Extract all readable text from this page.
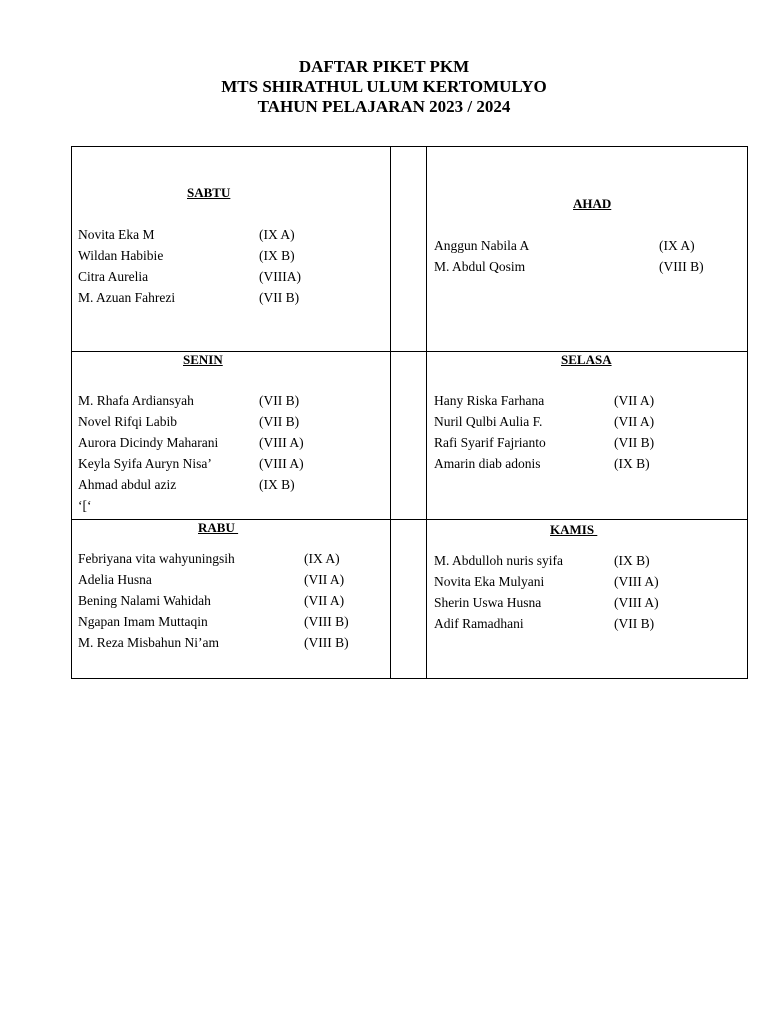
DAFTAR PIKET PKM
MTS SHIRATHUL ULUM KERTOMULYO
TAHUN PELAJARAN 2023 / 2024
SABTU
Novita Eka M	(IX A)
Wildan Habibie	(IX B)
Citra Aurelia	(VIIIA)
M. Azuan Fahrezi	(VII B)
AHAD
Anggun Nabila A	(IX A)
M. Abdul Qosim	(VIII B)
SENIN
M. Rhafa Ardiansyah	(VII B)
Novel Rifqi Labib	(VII B)
Aurora Dicindy Maharani	(VIII A)
Keyla Syifa Auryn Nisa’	(VIII A)
Ahmad abdul aziz	(IX B)
‘[‘
SELASA
Hany Riska Farhana	(VII A)
Nuril Qulbi Aulia F.	(VII A)
Rafi Syarif Fajrianto	(VII B)
Amarin diab adonis	(IX B)
RABU
Febriyana vita wahyuningsih	(IX A)
Adelia Husna	(VII A)
Bening Nalami Wahidah	(VII A)
Ngapan Imam Muttaqin	(VIII B)
M. Reza Misbahun Ni’am	(VIII B)
KAMIS
M. Abdulloh nuris syifa	(IX B)
Novita Eka Mulyani	(VIII A)
Sherin Uswa Husna	(VIII A)
Adif Ramadhani	(VII B)
